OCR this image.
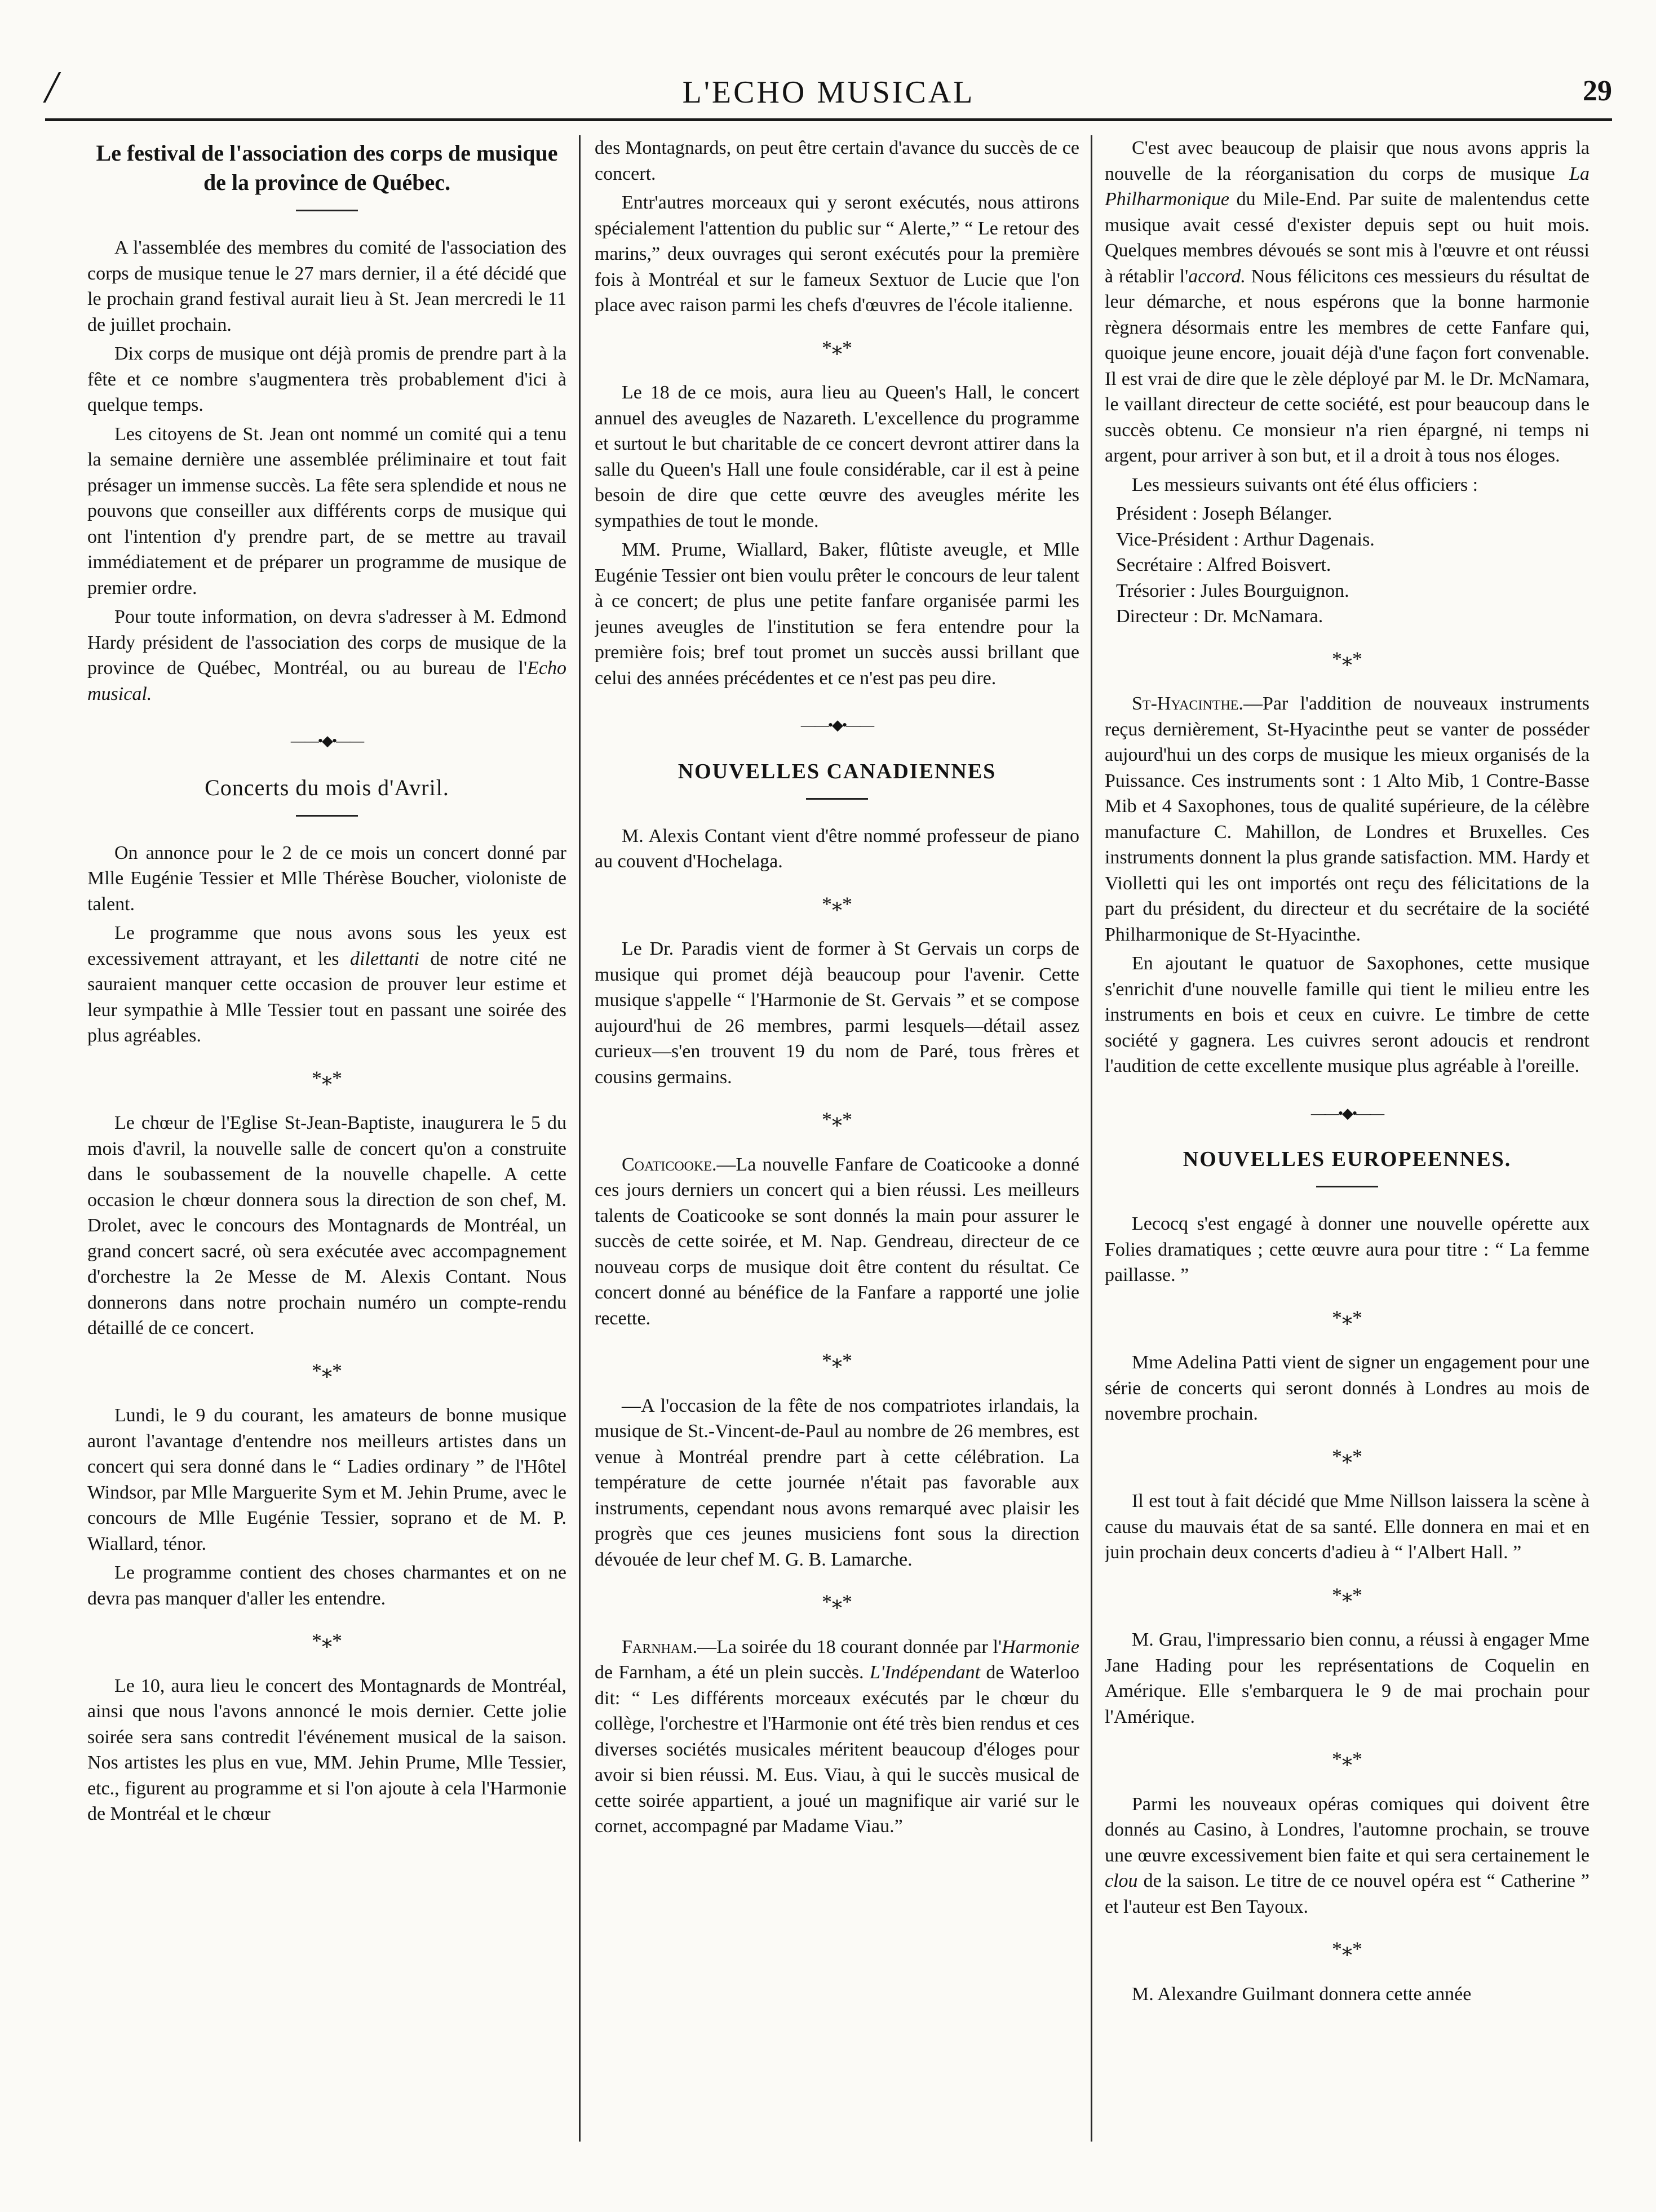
/	L'ECHO MUSICAL	29
Le festival de l'association des corps de musique de la province de Québec.

A l'assemblée des membres du comité de l'association des corps de musique tenue le 27 mars dernier, il a été décidé que le prochain grand festival aurait lieu à St. Jean mercredi le 11 de juillet prochain.

Dix corps de musique ont déjà promis de prendre part à la fête et ce nombre s'augmentera très probablement d'ici à quelque temps.

Les citoyens de St. Jean ont nommé un comité qui a tenu la semaine dernière une assemblée préliminaire et tout fait présager un immense succès. La fête sera splendide et nous ne pouvons que conseiller aux différents corps de musique qui ont l'intention d'y prendre part, de se mettre au travail immédiatement et de préparer un programme de musique de premier ordre.

Pour toute information, on devra s'adresser à M. Edmond Hardy président de l'association des corps de musique de la province de Québec, Montréal, ou au bureau de l'Echo musical.

——•◆•——
Concerts du mois d'Avril.

On annonce pour le 2 de ce mois un concert donné par Mlle Eugénie Tessier et Mlle Thérèse Boucher, violoniste de talent.

Le programme que nous avons sous les yeux est excessivement attrayant, et les dilettanti de notre cité ne sauraient manquer cette occasion de prouver leur estime et leur sympathie à Mlle Tessier tout en passant une soirée des plus agréables.

*⁎*

Le chœur de l'Eglise St-Jean-Baptiste, inaugurera le 5 du mois d'avril, la nouvelle salle de concert qu'on a construite dans le soubassement de la nouvelle chapelle. A cette occasion le chœur donnera sous la direction de son chef, M. Drolet, avec le concours des Montagnards de Montréal, un grand concert sacré, où sera exécutée avec accompagnement d'orchestre la 2e Messe de M. Alexis Contant. Nous donnerons dans notre prochain numéro un compte-rendu détaillé de ce concert.

*⁎*

Lundi, le 9 du courant, les amateurs de bonne musique auront l'avantage d'entendre nos meilleurs artistes dans un concert qui sera donné dans le “ Ladies ordinary ” de l'Hôtel Windsor, par Mlle Marguerite Sym et M. Jehin Prume, avec le concours de Mlle Eugénie Tessier, soprano et de M. P. Wiallard, ténor.

Le programme contient des choses charmantes et on ne devra pas manquer d'aller les entendre.

*⁎*

Le 10, aura lieu le concert des Montagnards de Montréal, ainsi que nous l'avons annoncé le mois dernier. Cette jolie soirée sera sans contredit l'événement musical de la saison. Nos artistes les plus en vue, MM. Jehin Prume, Mlle Tessier, etc., figurent au programme et si l'on ajoute à cela l'Harmonie de Montréal et le chœur

des Montagnards, on peut être certain d'avance du succès de ce concert.

Entr'autres morceaux qui y seront exécutés, nous attirons spécialement l'attention du public sur “ Alerte,” “ Le retour des marins,” deux ouvrages qui seront exécutés pour la première fois à Montréal et sur le fameux Sextuor de Lucie que l'on place avec raison parmi les chefs d'œuvres de l'école italienne.

*⁎*

Le 18 de ce mois, aura lieu au Queen's Hall, le concert annuel des aveugles de Nazareth. L'excellence du programme et surtout le but charitable de ce concert devront attirer dans la salle du Queen's Hall une foule considérable, car il est à peine besoin de dire que cette œuvre des aveugles mérite les sympathies de tout le monde.

MM. Prume, Wiallard, Baker, flûtiste aveugle, et Mlle Eugénie Tessier ont bien voulu prêter le concours de leur talent à ce concert; de plus une petite fanfare organisée parmi les jeunes aveugles de l'institution se fera entendre pour la première fois; bref tout promet un succès aussi brillant que celui des années précédentes et ce n'est pas peu dire.

——•◆•——
NOUVELLES CANADIENNES

M. Alexis Contant vient d'être nommé professeur de piano au couvent d'Hochelaga.

*⁎*

Le Dr. Paradis vient de former à St Gervais un corps de musique qui promet déjà beaucoup pour l'avenir. Cette musique s'appelle “ l'Harmonie de St. Gervais ” et se compose aujourd'hui de 26 membres, parmi lesquels—détail assez curieux—s'en trouvent 19 du nom de Paré, tous frères et cousins germains.

*⁎*

Coaticooke.—La nouvelle Fanfare de Coaticooke a donné ces jours derniers un concert qui a bien réussi. Les meilleurs talents de Coaticooke se sont donnés la main pour assurer le succès de cette soirée, et M. Nap. Gendreau, directeur de ce nouveau corps de musique doit être content du résultat. Ce concert donné au bénéfice de la Fanfare a rapporté une jolie recette.

*⁎*

—A l'occasion de la fête de nos compatriotes irlandais, la musique de St.-Vincent-de-Paul au nombre de 26 membres, est venue à Montréal prendre part à cette célébration. La température de cette journée n'était pas favorable aux instruments, cependant nous avons remarqué avec plaisir les progrès que ces jeunes musiciens font sous la direction dévouée de leur chef M. G. B. Lamarche.

*⁎*

Farnham.—La soirée du 18 courant donnée par l'Harmonie de Farnham, a été un plein succès. L'Indépendant de Waterloo dit: “ Les différents morceaux exécutés par le chœur du collège, l'orchestre et l'Harmonie ont été très bien rendus et ces diverses sociétés musicales méritent beaucoup d'éloges pour avoir si bien réussi. M. Eus. Viau, à qui le succès musical de cette soirée appartient, a joué un magnifique air varié sur le cornet, accompagné par Madame Viau.”

C'est avec beaucoup de plaisir que nous avons appris la nouvelle de la réorganisation du corps de musique La Philharmonique du Mile-End. Par suite de malentendus cette musique avait cessé d'exister depuis sept ou huit mois. Quelques membres dévoués se sont mis à l'œuvre et ont réussi à rétablir l'accord. Nous félicitons ces messieurs du résultat de leur démarche, et nous espérons que la bonne harmonie règnera désormais entre les membres de cette Fanfare qui, quoique jeune encore, jouait déjà d'une façon fort convenable. Il est vrai de dire que le zèle déployé par M. le Dr. McNamara, le vaillant directeur de cette société, est pour beaucoup dans le succès obtenu. Ce monsieur n'a rien épargné, ni temps ni argent, pour arriver à son but, et il a droit à tous nos éloges.

Les messieurs suivants ont été élus officiers :

Président : Joseph Bélanger.
Vice-Président : Arthur Dagenais.
Secrétaire : Alfred Boisvert.
Trésorier : Jules Bourguignon.
Directeur : Dr. McNamara.
*⁎*

St-Hyacinthe.—Par l'addition de nouveaux instruments reçus dernièrement, St-Hyacinthe peut se vanter de posséder aujourd'hui un des corps de musique les mieux organisés de la Puissance. Ces instruments sont : 1 Alto Mib, 1 Contre-Basse Mib et 4 Saxophones, tous de qualité supérieure, de la célèbre manufacture C. Mahillon, de Londres et Bruxelles. Ces instruments donnent la plus grande satisfaction. MM. Hardy et Violletti qui les ont importés ont reçu des félicitations de la part du président, du directeur et du secrétaire de la société Philharmonique de St-Hyacinthe.

En ajoutant le quatuor de Saxophones, cette musique s'enrichit d'une nouvelle famille qui tient le milieu entre les instruments en bois et ceux en cuivre. Le timbre de cette société y gagnera. Les cuivres seront adoucis et rendront l'audition de cette excellente musique plus agréable à l'oreille.

——•◆•——
NOUVELLES EUROPEENNES.

Lecocq s'est engagé à donner une nouvelle opérette aux Folies dramatiques ; cette œuvre aura pour titre : “ La femme paillasse. ”

*⁎*

Mme Adelina Patti vient de signer un engagement pour une série de concerts qui seront donnés à Londres au mois de novembre prochain.

*⁎*

Il est tout à fait décidé que Mme Nillson laissera la scène à cause du mauvais état de sa santé. Elle donnera en mai et en juin prochain deux concerts d'adieu à “ l'Albert Hall. ”

*⁎*

M. Grau, l'impressario bien connu, a réussi à engager Mme Jane Hading pour les représentations de Coquelin en Amérique. Elle s'embarquera le 9 de mai prochain pour l'Amérique.

*⁎*

Parmi les nouveaux opéras comiques qui doivent être donnés au Casino, à Londres, l'automne prochain, se trouve une œuvre excessivement bien faite et qui sera certainement le clou de la saison. Le titre de ce nouvel opéra est “ Catherine ” et l'auteur est Ben Tayoux.

*⁎*

M. Alexandre Guilmant donnera cette année
